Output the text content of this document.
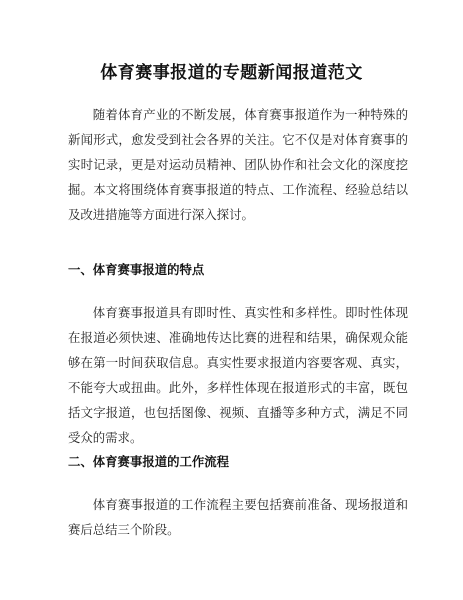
体育赛事报道的专题新闻报道范文

随着体育产业的不断发展，体育赛事报道作为一种特殊的新闻形式，愈发受到社会各界的关注。它不仅是对体育赛事的实时记录，更是对运动员精神、团队协作和社会文化的深度挖掘。本文将围绕体育赛事报道的特点、工作流程、经验总结以及改进措施等方面进行深入探讨。

一、体育赛事报道的特点

体育赛事报道具有即时性、真实性和多样性。即时性体现在报道必须快速、准确地传达比赛的进程和结果，确保观众能够在第一时间获取信息。真实性要求报道内容要客观、真实，不能夸大或扭曲。此外，多样性体现在报道形式的丰富，既包括文字报道，也包括图像、视频、直播等多种方式，满足不同受众的需求。

二、体育赛事报道的工作流程

体育赛事报道的工作流程主要包括赛前准备、现场报道和赛后总结三个阶段。
